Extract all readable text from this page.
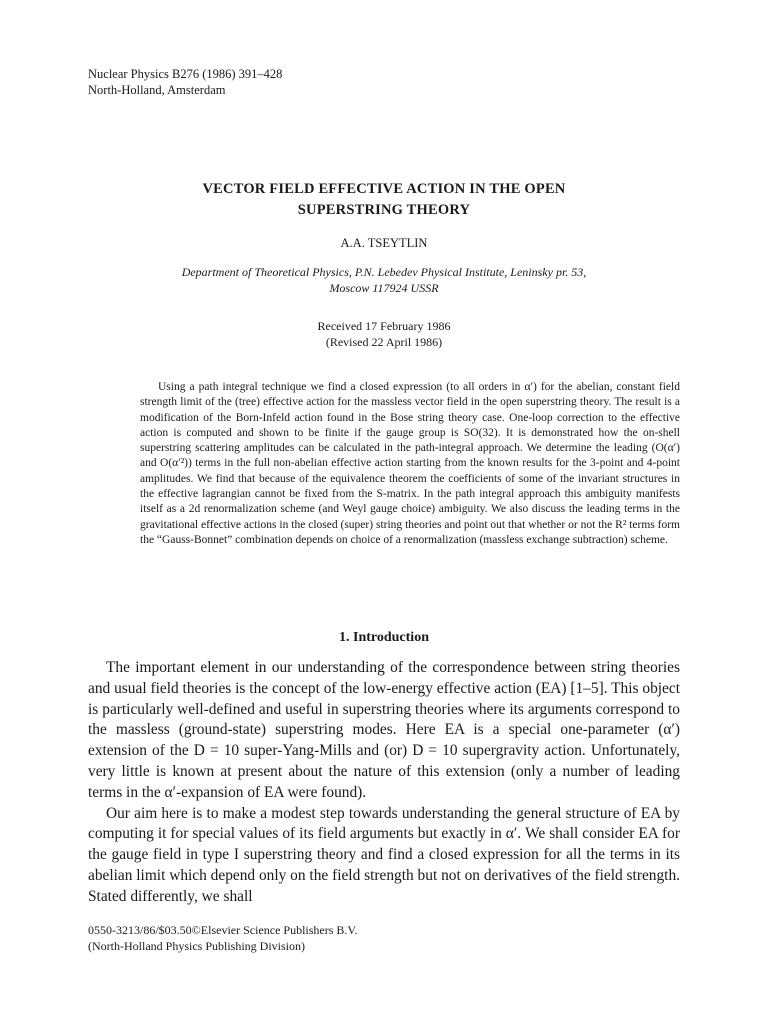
Nuclear Physics B276 (1986) 391–428
North-Holland, Amsterdam
VECTOR FIELD EFFECTIVE ACTION IN THE OPEN
SUPERSTRING THEORY
A.A. TSEYTLIN
Department of Theoretical Physics, P.N. Lebedev Physical Institute, Leninsky pr. 53,
Moscow 117924 USSR
Received 17 February 1986
(Revised 22 April 1986)

Using a path integral technique we find a closed expression (to all orders in α′) for the abelian, constant field strength limit of the (tree) effective action for the massless vector field in the open superstring theory. The result is a modification of the Born-Infeld action found in the Bose string theory case. One-loop correction to the effective action is computed and shown to be finite if the gauge group is SO(32). It is demonstrated how the on-shell superstring scattering amplitudes can be calculated in the path-integral approach. We determine the leading (O(α′) and O(α′²)) terms in the full non-abelian effective action starting from the known results for the 3-point and 4-point amplitudes. We find that because of the equivalence theorem the coefficients of some of the invariant structures in the effective lagrangian cannot be fixed from the S-matrix. In the path integral approach this ambiguity manifests itself as a 2d renormalization scheme (and Weyl gauge choice) ambiguity. We also discuss the leading terms in the gravitational effective actions in the closed (super) string theories and point out that whether or not the R² terms form the “Gauss-Bonnet” combination depends on choice of a renormalization (massless exchange subtraction) scheme.

1. Introduction

The important element in our understanding of the correspondence between string theories and usual field theories is the concept of the low-energy effective action (EA) [1–5]. This object is particularly well-defined and useful in superstring theories where its arguments correspond to the massless (ground-state) superstring modes. Here EA is a special one-parameter (α′) extension of the D = 10 super-Yang-Mills and (or) D = 10 supergravity action. Unfortunately, very little is known at present about the nature of this extension (only a number of leading terms in the α′-expansion of EA were found).

Our aim here is to make a modest step towards understanding the general structure of EA by computing it for special values of its field arguments but exactly in α′. We shall consider EA for the gauge field in type I superstring theory and find a closed expression for all the terms in its abelian limit which depend only on the field strength but not on derivatives of the field strength. Stated differently, we shall

0550-3213/86/$03.50©Elsevier Science Publishers B.V.
(North-Holland Physics Publishing Division)
